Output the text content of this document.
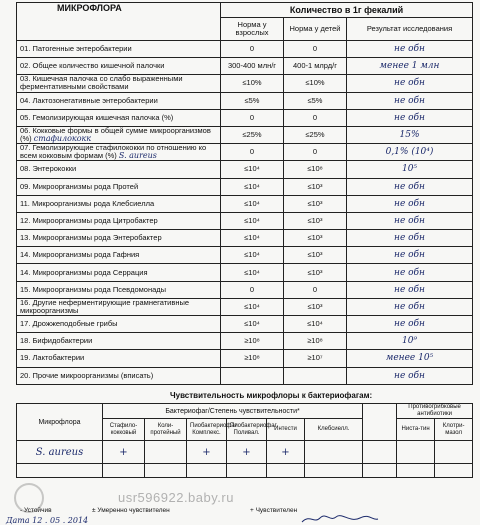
МИКРОФЛОРА	Количество в 1г фекалий		
	Норма у взрослых	Норма у детей	Результат исследования
01. Патогенные энтеробактерии	0	0	не обн
02. Общее количество кишечной палочки	300-400 млн/г	400-1 млрд/г	менее 1 млн
03. Кишечная палочка со слабо выраженными ферментативными свойствами	≤10%	≤10%	не обн
04. Лактозонегативные энтеробактерии	≤5%	≤5%	не обн
05. Гемолизирующая кишечная палочка (%)	0	0	не обн
06. Кокковые формы в общей сумме микроорганизмов (%) стафилококк	≤25%	≤25%	15%
07. Гемолизирующие стафилококки по отношению ко всем кокковым формам (%) S. aureus	0	0	0,1% (10⁴)
08. Энтерококки	≤10⁴	≤10⁸	10⁵
09. Микроорганизмы рода Протей	≤10⁴	≤10³	не обн
11. Микроорганизмы рода Клебсиелла	≤10⁴	≤10³	не обн
12. Микроорганизмы рода Цитробактер	≤10⁴	≤10³	не обн
13. Микроорганизмы рода Энтеробактер	≤10⁴	≤10³	не обн
14. Микроорганизмы рода Гафния	≤10⁴	≤10³	не обн
14. Микроорганизмы рода Серрация	≤10⁴	≤10³	не обн
15. Микроорганизмы рода Псевдомонады	0	0	не обн
16. Другие неферментирующие грамнегативные микроорганизмы	≤10⁴	≤10³	не обн
17. Дрожжеподобные грибы	≤10⁴	≤10⁴	не обн
18. Бифидобактерии	≥10⁸	≥10⁸	10⁹
19. Лактобактерии	≥10⁸	≥10⁷	менее 10⁵
20. Прочие микроорганизмы (вписать)			не обн
Чувствительность микрофлоры к бактериофагам:
Микрофлора	Бактериофаг/Степень чувствительности*							Противогрибковые антибиотики	
	Стафило-кокковый	Коли-протейный	Пиобактериофаг Комплекс.	Пиобактериофаг Поливал.	Интести	Клебсиелл.		Ниста-тин	Клотри-мазол
S. aureus	+		+	+	+				

usr596922.baby.ru
- Устойчив	± Умеренно чувствителен	+ Чувствителен
Дата 12 . 05 . 2014
